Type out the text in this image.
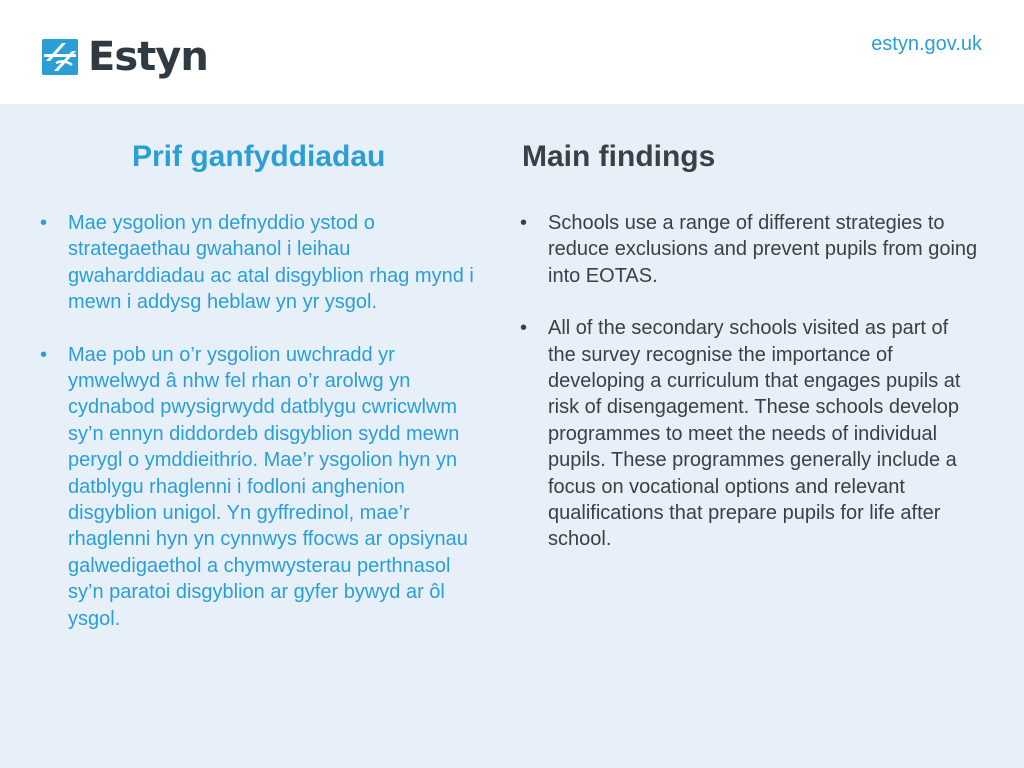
Estyn	estyn.gov.uk
Prif ganfyddiadau
• Mae ysgolion yn defnyddio ystod o strategaethau gwahanol i leihau gwaharddiadau ac atal disgyblion rhag mynd i mewn i addysg heblaw yn yr ysgol.
• Mae pob un o’r ysgolion uwchradd yr ymwelwyd â nhw fel rhan o’r arolwg yn cydnabod pwysigrwydd datblygu cwricwlwm sy’n ennyn diddordeb disgyblion sydd mewn perygl o ymddieithrio. Mae’r ysgolion hyn yn datblygu rhaglenni i fodloni anghenion disgyblion unigol. Yn gyffredinol, mae’r rhaglenni hyn yn cynnwys ffocws ar opsiynau galwedigaethol a chymwysterau perthnasol sy’n paratoi disgyblion ar gyfer bywyd ar ôl ysgol.
Main findings
• Schools use a range of different strategies to reduce exclusions and prevent pupils from going into EOTAS.
• All of the secondary schools visited as part of the survey recognise the importance of developing a curriculum that engages pupils at risk of disengagement. These schools develop programmes to meet the needs of individual pupils. These programmes generally include a focus on vocational options and relevant qualifications that prepare pupils for life after school.
